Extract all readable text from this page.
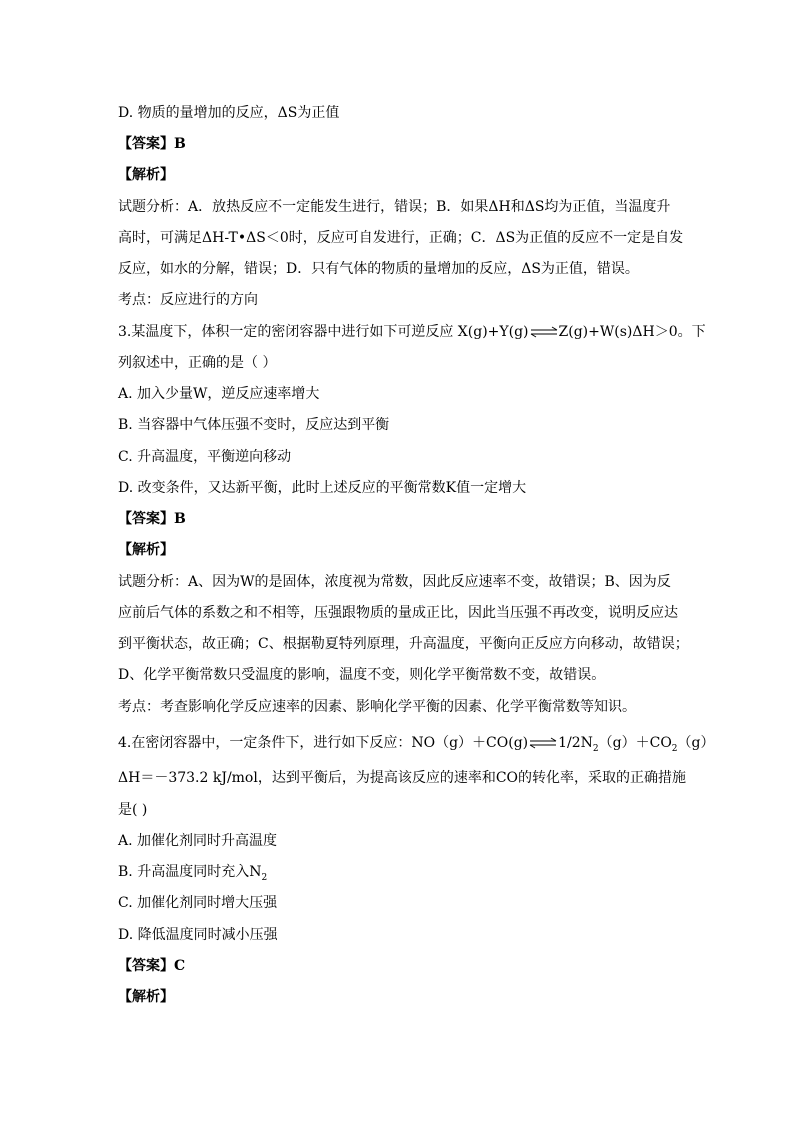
D. 物质的量增加的反应，ΔS为正值
【答案】B
【解析】
试题分析：A．放热反应不一定能发生进行，错误；B．如果ΔH和ΔS均为正值，当温度升
高时，可满足ΔH-T•ΔS＜0时，反应可自发进行，正确；C．ΔS为正值的反应不一定是自发
反应，如水的分解，错误；D．只有气体的物质的量增加的反应，ΔS为正值，错误。
考点：反应进行的方向
3.某温度下，体积一定的密闭容器中进行如下可逆反应 X(g)+Y(g)⇌Z(g)+W(s)ΔH＞0。下
列叙述中，正确的是（ ）
A. 加入少量W，逆反应速率增大
B. 当容器中气体压强不变时，反应达到平衡
C. 升高温度，平衡逆向移动
D. 改变条件，又达新平衡，此时上述反应的平衡常数K值一定增大
【答案】B
【解析】
试题分析：A、因为W的是固体，浓度视为常数，因此反应速率不变，故错误；B、因为反
应前后气体的系数之和不相等，压强跟物质的量成正比，因此当压强不再改变，说明反应达
到平衡状态，故正确；C、根据勒夏特列原理，升高温度，平衡向正反应方向移动，故错误；
D、化学平衡常数只受温度的影响，温度不变，则化学平衡常数不变，故错误。
考点：考查影响化学反应速率的因素、影响化学平衡的因素、化学平衡常数等知识。
4.在密闭容器中，一定条件下，进行如下反应：$NO(g)+CO(g)\rightleftharpoons 1/2N_2(g)+CO_2(g)$
ΔH＝－373.2 kJ/mol，达到平衡后，为提高该反应的速率和CO的转化率，采取的正确措施
是( )
A. 加催化剂同时升高温度
B. 升高温度同时充入$N_2$
C. 加催化剂同时增大压强
D. 降低温度同时减小压强
【答案】C
【解析】
